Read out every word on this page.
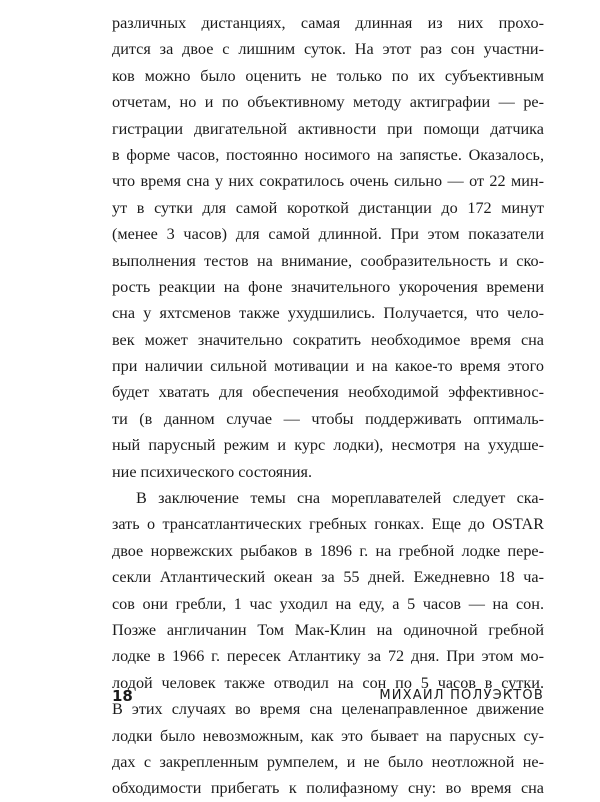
различных дистанциях, самая длинная из них прохо-
дится за двое с лишним суток. На этот раз сон участни-
ков можно было оценить не только по их субъективным
отчетам, но и по объективному методу актиграфии — ре-
гистрации двигательной активности при помощи датчика
в форме часов, постоянно носимого на запястье. Оказалось,
что время сна у них сократилось очень сильно — от 22 мин-
ут в сутки для самой короткой дистанции до 172 минут
(менее 3 часов) для самой длинной. При этом показатели
выполнения тестов на внимание, сообразительность и ско-
рость реакции на фоне значительного укорочения времени
сна у яхтсменов также ухудшились. Получается, что чело-
век может значительно сократить необходимое время сна
при наличии сильной мотивации и на какое-то время этого
будет хватать для обеспечения необходимой эффективнос-
ти (в данном случае — чтобы поддерживать оптималь-
ный парусный режим и курс лодки), несмотря на ухудше-
ние психического состояния.
В заключение темы сна мореплавателей следует ска-
зать о трансатлантических гребных гонках. Еще до OSTAR
двое норвежских рыбаков в 1896 г. на гребной лодке пере-
секли Атлантический океан за 55 дней. Ежедневно 18 ча-
сов они гребли, 1 час уходил на еду, а 5 часов — на сон.
Позже англичанин Том Мак-Клин на одиночной гребной
лодке в 1966 г. пересек Атлантику за 72 дня. При этом мо-
лодой человек также отводил на сон по 5 часов в сутки.
В этих случаях во время сна целенаправленное движение
лодки было невозможным, как это бывает на парусных су-
дах с закрепленным румпелем, и не было неотложной не-
обходимости прибегать к полифазному сну: во время сна
18	МИХАИЛ ПОЛУЭКТОВ
